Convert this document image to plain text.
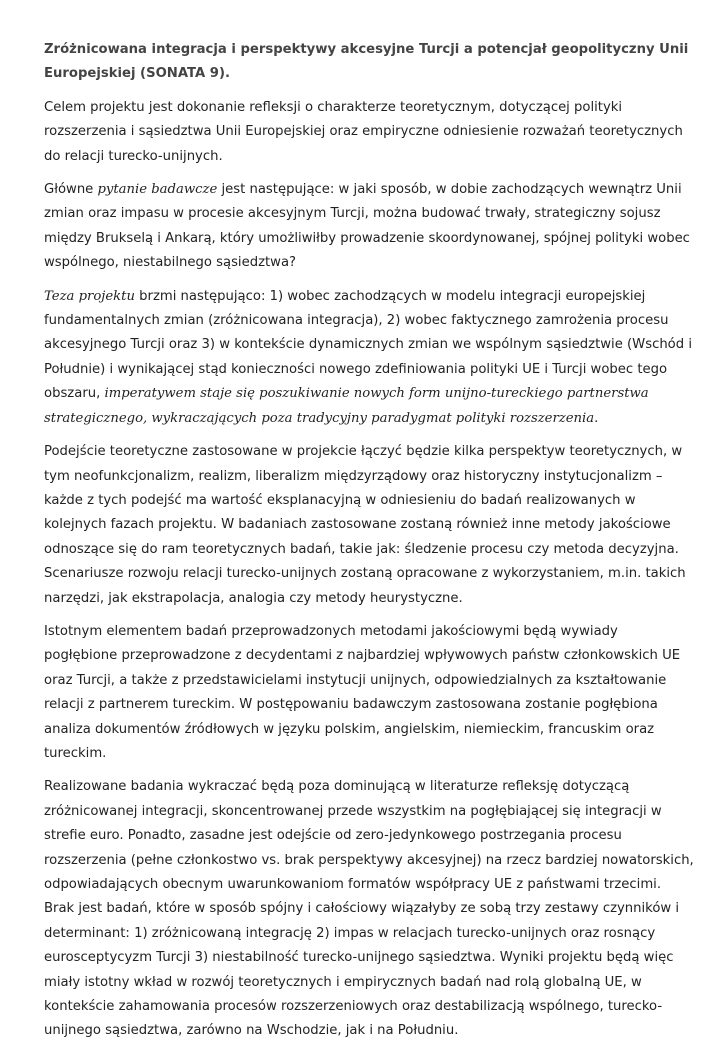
Zróżnicowana integracja i perspektywy akcesyjne Turcji a potencjał geopolityczny Unii Europejskiej (SONATA 9).

Celem projektu jest dokonanie refleksji o charakterze teoretycznym, dotyczącej polityki rozszerzenia i sąsiedztwa Unii Europejskiej oraz empiryczne odniesienie rozważań teoretycznych do relacji turecko-unijnych.

Główne pytanie badawcze jest następujące: w jaki sposób, w dobie zachodzących wewnątrz Unii zmian oraz impasu w procesie akcesyjnym Turcji, można budować trwały, strategiczny sojusz między Brukselą i Ankarą, który umożliwiłby prowadzenie skoordynowanej, spójnej polityki wobec wspólnego, niestabilnego sąsiedztwa?

Teza projektu brzmi następująco: 1) wobec zachodzących w modelu integracji europejskiej fundamentalnych zmian (zróżnicowana integracja), 2) wobec faktycznego zamrożenia procesu akcesyjnego Turcji oraz 3) w kontekście dynamicznych zmian we wspólnym sąsiedztwie (Wschód i Południe) i wynikającej stąd konieczności nowego zdefiniowania polityki UE i Turcji wobec tego obszaru, imperatywem staje się poszukiwanie nowych form unijno-tureckiego partnerstwa strategicznego, wykraczających poza tradycyjny paradygmat polityki rozszerzenia.

Podejście teoretyczne zastosowane w projekcie łączyć będzie kilka perspektyw teoretycznych, w tym neofunkcjonalizm, realizm, liberalizm międzyrządowy oraz historyczny instytucjonalizm – każde z tych podejść ma wartość eksplanacyjną w odniesieniu do badań realizowanych w kolejnych fazach projektu. W badaniach zastosowane zostaną również inne metody jakościowe odnoszące się do ram teoretycznych badań, takie jak: śledzenie procesu czy metoda decyzyjna. Scenariusze rozwoju relacji turecko-unijnych zostaną opracowane z wykorzystaniem, m.in. takich narzędzi, jak ekstrapolacja, analogia czy metody heurystyczne.

Istotnym elementem badań przeprowadzonych metodami jakościowymi będą wywiady pogłębione przeprowadzone z decydentami z najbardziej wpływowych państw członkowskich UE oraz Turcji, a także z przedstawicielami instytucji unijnych, odpowiedzialnych za kształtowanie relacji z partnerem tureckim. W postępowaniu badawczym zastosowana zostanie pogłębiona analiza dokumentów źródłowych w języku polskim, angielskim, niemieckim, francuskim oraz tureckim.

Realizowane badania wykraczać będą poza dominującą w literaturze refleksję dotyczącą zróżnicowanej integracji, skoncentrowanej przede wszystkim na pogłębiającej się integracji w strefie euro. Ponadto, zasadne jest odejście od zero-jedynkowego postrzegania procesu rozszerzenia (pełne członkostwo vs. brak perspektywy akcesyjnej) na rzecz bardziej nowatorskich, odpowiadających obecnym uwarunkowaniom formatów współpracy UE z państwami trzecimi. Brak jest badań, które w sposób spójny i całościowy wiązałyby ze sobą trzy zestawy czynników i determinant: 1) zróżnicowaną integrację 2) impas w relacjach turecko-unijnych oraz rosnący eurosceptycyzm Turcji 3) niestabilność turecko-unijnego sąsiedztwa. Wyniki projektu będą więc miały istotny wkład w rozwój teoretycznych i empirycznych badań nad rolą globalną UE, w kontekście zahamowania procesów rozszerzeniowych oraz destabilizacją wspólnego, turecko-unijnego sąsiedztwa, zarówno na Wschodzie, jak i na Południu.
